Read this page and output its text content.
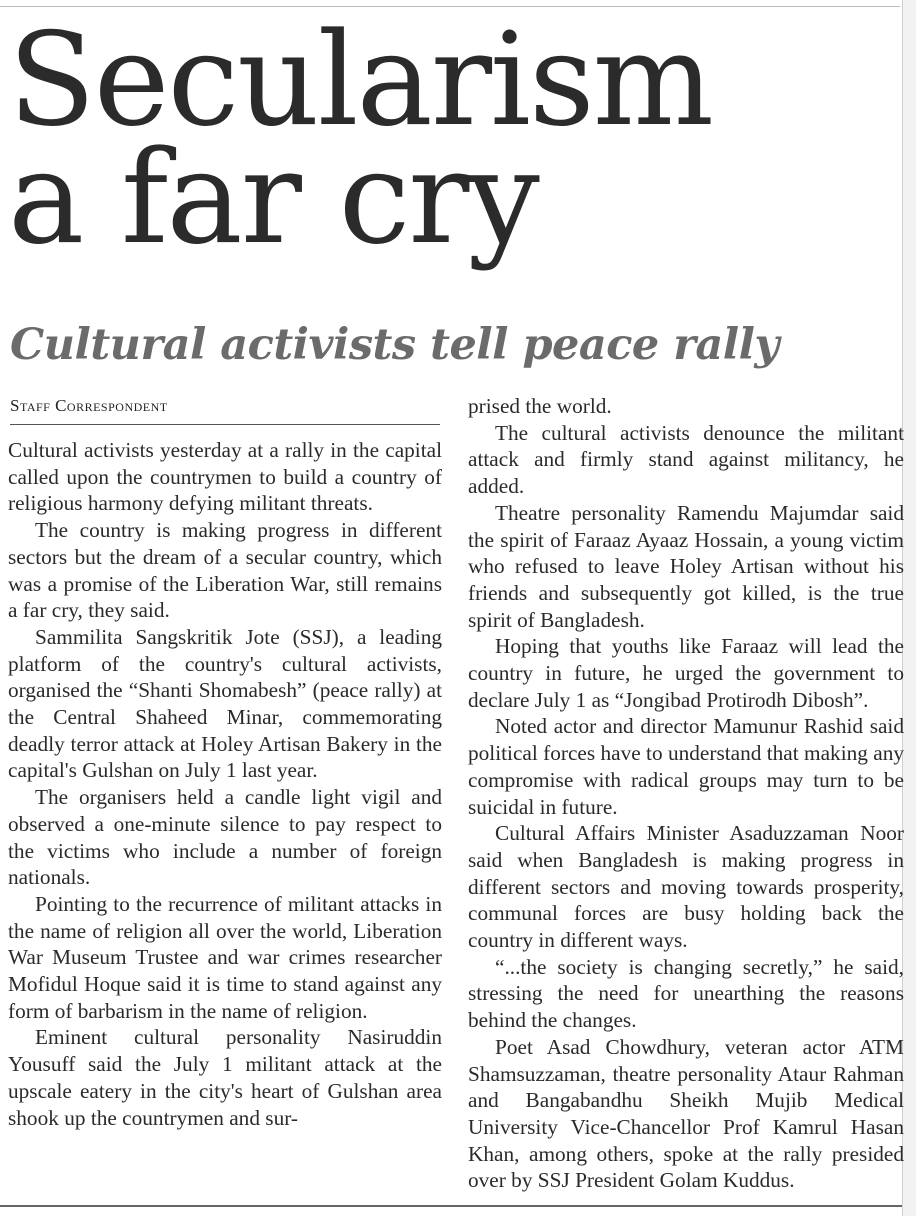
Secularism
a far cry
Cultural activists tell peace rally
Staff Correspondent

Cultural activists yesterday at a rally in the capital called upon the countrymen to build a country of religious harmony defying militant threats.

The country is making progress in different sectors but the dream of a secular country, which was a promise of the Liberation War, still remains a far cry, they said.

Sammilita Sangskritik Jote (SSJ), a leading platform of the country's cultural activists, organised the “Shanti Shomabesh” (peace rally) at the Central Shaheed Minar, commemorating deadly terror attack at Holey Artisan Bakery in the capital's Gulshan on July 1 last year.

The organisers held a candle light vigil and observed a one-minute silence to pay respect to the victims who include a number of foreign nationals.

Pointing to the recurrence of militant attacks in the name of religion all over the world, Liberation War Museum Trustee and war crimes researcher Mofidul Hoque said it is time to stand against any form of barbarism in the name of religion.

Eminent cultural personality Nasiruddin Yousuff said the July 1 militant attack at the upscale eatery in the city's heart of Gulshan area shook up the countrymen and sur-

prised the world.

The cultural activists denounce the militant attack and firmly stand against militancy, he added.

Theatre personality Ramendu Majumdar said the spirit of Faraaz Ayaaz Hossain, a young victim who refused to leave Holey Artisan without his friends and subsequently got killed, is the true spirit of Bangladesh.

Hoping that youths like Faraaz will lead the country in future, he urged the government to declare July 1 as “Jongibad Protirodh Dibosh”.

Noted actor and director Mamunur Rashid said political forces have to understand that making any compromise with radical groups may turn to be suicidal in future.

Cultural Affairs Minister Asaduzzaman Noor said when Bangladesh is making progress in different sectors and moving towards prosperity, communal forces are busy holding back the country in different ways.

“...the society is changing secretly,” he said, stressing the need for unearthing the reasons behind the changes.

Poet Asad Chowdhury, veteran actor ATM Shamsuzzaman, theatre personality Ataur Rahman and Bangabandhu Sheikh Mujib Medical University Vice-Chancellor Prof Kamrul Hasan Khan, among others, spoke at the rally presided over by SSJ President Golam Kuddus.
